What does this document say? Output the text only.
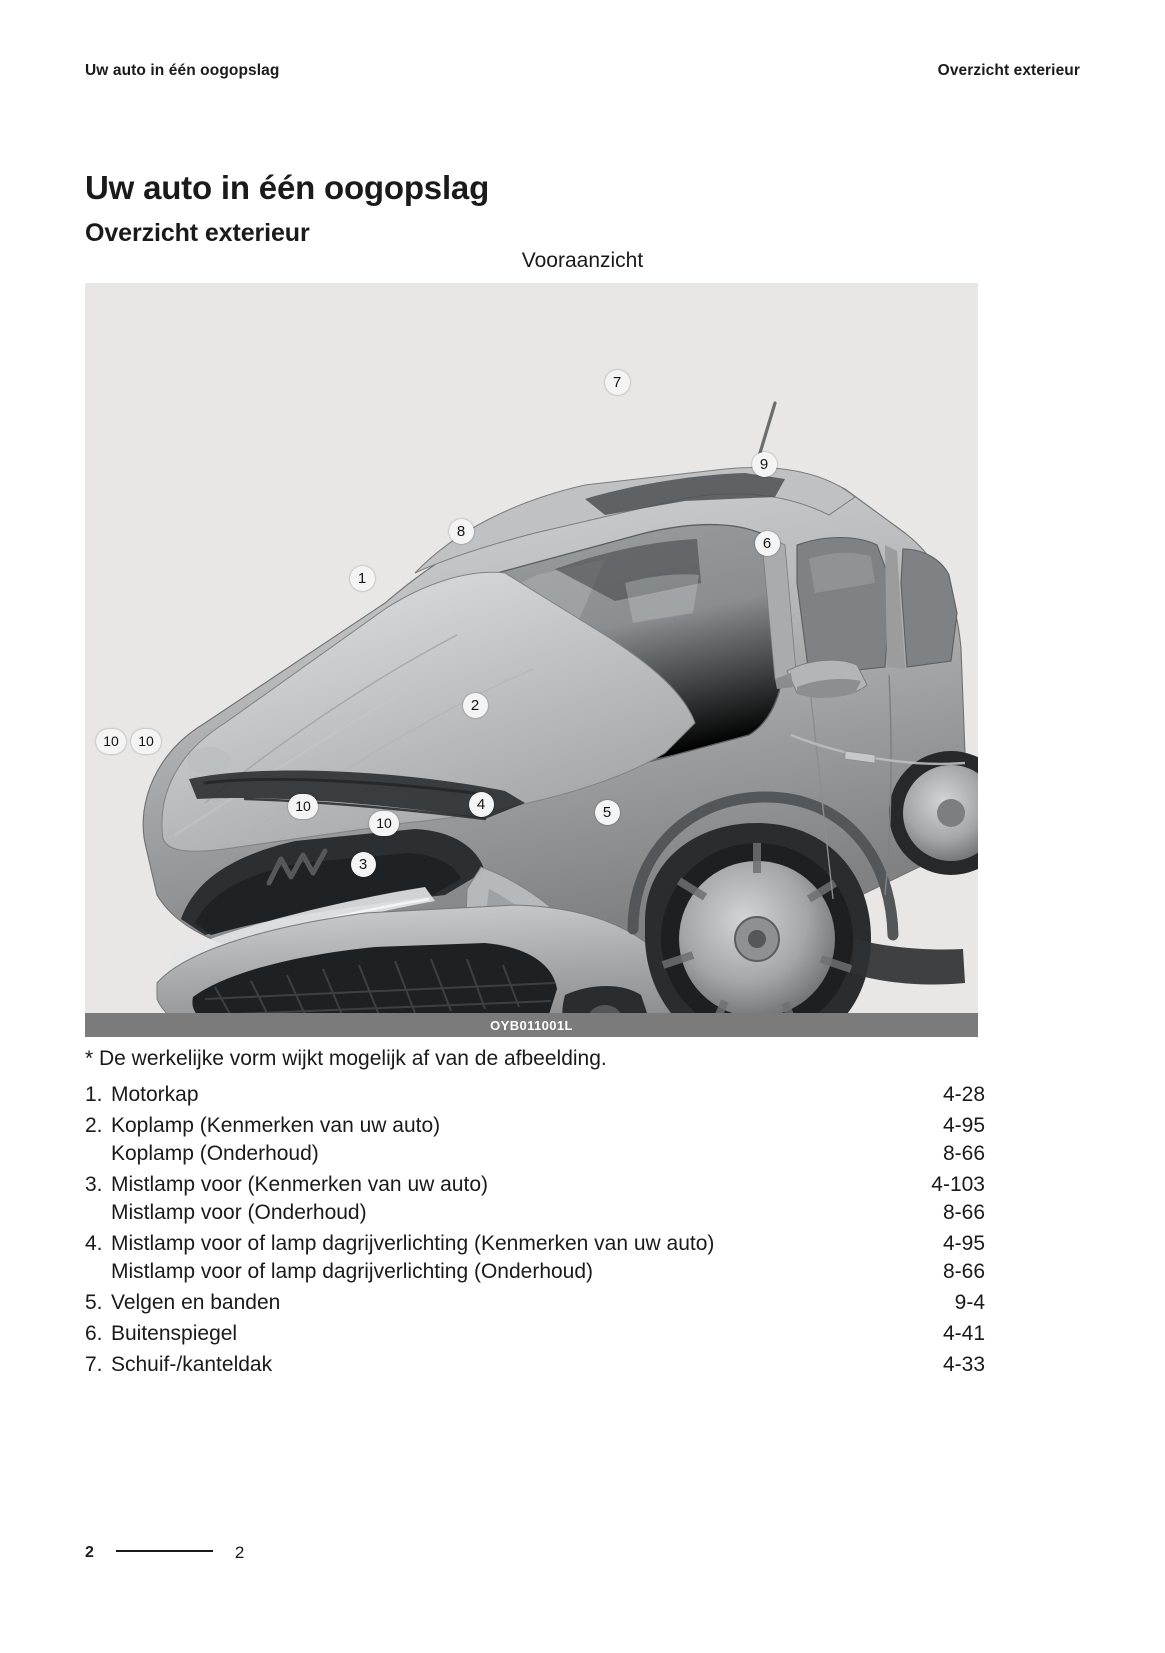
Uw auto in één oogopslag	Overzicht exterieur
Uw auto in één oogopslag
Overzicht exterieur
Vooraanzicht
7
9
8
6
1
2
10	10
10	4	5
10
3
OYB011001L
* De werkelijke vorm wijkt mogelijk af van de afbeelding.
1. Motorkap	4-28
2. Koplamp (Kenmerken van uw auto)	4-95
Koplamp (Onderhoud)	8-66
3. Mistlamp voor (Kenmerken van uw auto)	4-103
Mistlamp voor (Onderhoud)	8-66
4. Mistlamp voor of lamp dagrijverlichting (Kenmerken van uw auto)	4-95
Mistlamp voor of lamp dagrijverlichting (Onderhoud)	8-66
5. Velgen en banden	9-4
6. Buitenspiegel	4-41
7. Schuif-/kanteldak	4-33
2	2
